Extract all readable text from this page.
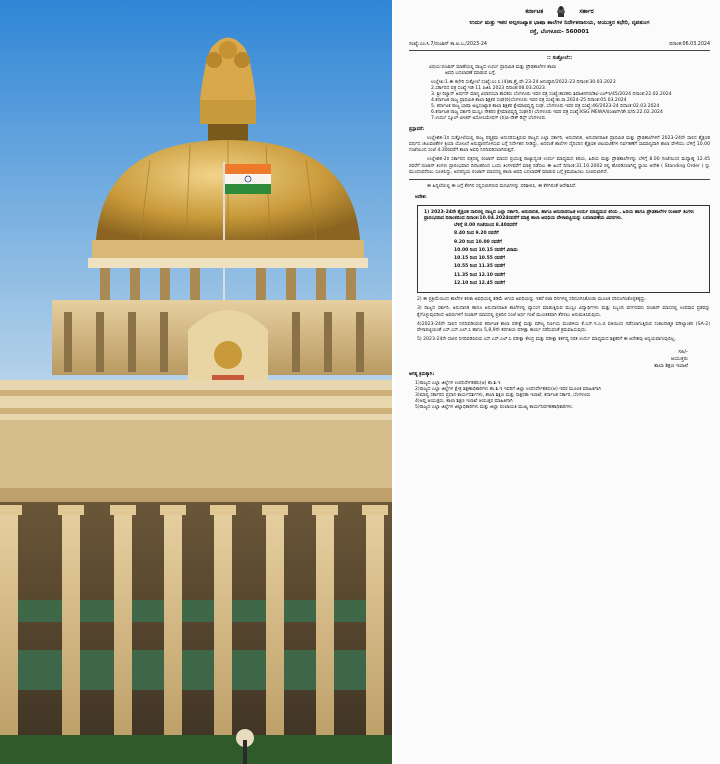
ಕರ್ನಾಟಕ	ಸರ್ಕಾರ
ಉರ್ದು ಮತ್ತು ಇತರ ಅಲ್ಪಸಂಖ್ಯಾತ ಭಾಷಾ ಶಾಲೆಗಳ ನಿರ್ದೇಶನಾಲಯ, ಆಯುಕ್ತರ ಕಛೇರಿ, ನೃಪತುಂಗ
ರಸ್ತೆ, ಬೆಂಗಳೂರು- 560001
ಸಂಖ್ಯೆ:ಎಂ.ಸಿ.7/ರಂಜಾನ್ ಕಾ.ಅ.ಬ./2023-24	ದಿನಾಂಕ:06.03.2024
:: ಸುತ್ತೋಲೆ::
ವಿಷಯ:ರಂಜಾನ್ ಮಾಹೆಯಲ್ಲಿ ರಾಜ್ಯದ ಉರ್ದು ಪ್ರಾಥಮಿಕ ಮತ್ತು ಪ್ರೌಢಶಾಲೆಗಳ ಶಾಲಾ
ಅವಧಿ ಬದಲಾವಣೆ ಮಾಡುವ ಬಗ್ಗೆ.
ಉಲ್ಲೇಖ:1.ಈ ಕಛೇರಿ ಸುತ್ತೋಲೆ ಸಂಖ್ಯೆ:ಎಂ.ಸಿ.(4)ಶಾ.ಶ್ರೈ.ವೇ.23-24 ಅನುಷ್ಠಾನ/2022-23 ದಿನಾಂಕ:30.03.2023
2.ಸರ್ಕಾರದ ಪತ್ರ ಸಂಖ್ಯೆ:ಇಡಿ 11 ಪಿಜಿಸಿ 2023 ದಿನಾಂಕ:08.03.2023.
3. ಶ್ರೀ ರಿಜ್ವಾನ್ ಅರ್ಷದ್ ಮಾನ್ಯ ವಿಧಾನಸಭಾ ಶಾಸಕರು ಬೆಂಗಳೂರು ಇವರ ಪತ್ರ ಸಂಖ್ಯೆ:ಶಾಸಕರು ಶಿವಾಜಿನಗರ/ಡಿಐ-ಎಲ್ಇ/45/2024 ದಿನಾಂಕ:22.02.2024
4.ಕರ್ನಾಟಕ ರಾಜ್ಯ ಪ್ರಾಥಮಿಕ ಶಾಲಾ ಶಿಕ್ಷಕರ ಸಂಘ(ರಿ)ಬೆಂಗಳೂರು ಇವರ ಪತ್ರ ಸಂಖ್ಯೆ:ಕಾ.ರಾ.2024-25 ದಿನಾಂಕ:05.03.2024
5. ಕರ್ನಾಟಕ ರಾಜ್ಯ ಭಾಷಾ ಅಲ್ಪಸಂಖ್ಯಾತ ಶಾಲಾ ಶಿಕ್ಷಕರ ಕ್ಷೇಮಾಭಿವೃದ್ಧಿ ಸಂಘ, ಬೆಂಗಳೂರು ಇವರ ಪತ್ರ ಸಂಖ್ಯೆ:46/2023-24 ದಿನಾಂಕ:02.03.2024
6.ಕರ್ನಾಟಕ ರಾಜ್ಯ ಸರ್ಕಾರಿ ಮುಸ್ಲಿಂ ನೌಕರರ ಕ್ಷೇಮಾಭಿವೃದ್ಧಿ ಸಂಘ(ರಿ) ಬೆಂಗಳೂರು ಇವರ ಪತ್ರ ಸಂಖ್ಯೆ:KSG MEWA/ರಂಜಾನ್/ಡೇ.ಪ/ದಿ:22.02.2024
7.ಉರ್ದು ಸ್ಕೂಲ್ ಟೀಚರ್ ಅಸೋಸಿಯೇಷನ್ (ರಿ)ಪಿ-ನೌಕ್ ಡಿಸ್ಟ್ ಬೆಂಗಳೂರು
ಪ್ರಸ್ತಾವನೆ:
ಉಲ್ಲೇಖಿತ-1ರ ಸುತ್ತೋಲೆಯಲ್ಲಿ ರಾಜ್ಯ ಪಠ್ಯಕ್ರಮ ಅನುಸರಿಸುತ್ತಿರುವ ರಾಜ್ಯದ ಎಲ್ಲಾ ಸರ್ಕಾರಿ, ಅನುದಾನಿತ, ಅನುದಾನರಹಿತ ಪ್ರಾಥಮಿಕ ಮತ್ತು ಪ್ರೌಢಶಾಲೆಗಳಿಗೆ 2023-24ನೇ ಸಾಲಿನ ಶೈಕ್ಷಣಿಕ ವರ್ಷದ ಚಟುವಟಿಕೆಗಳ ಕ್ರಿಯಾ ಯೋಜನೆ ಅನುಷ್ಠಾನಗೊಳಿಸುವ ಬಗ್ಗೆ ನಿರ್ದೇಶನ ನೀಡಿದ್ದು, ಅದರಂತೆ ಶಾಲೆಗಳ ದೈನಂದಿನ ಶೈಕ್ಷಣಿಕ ಚಟುವಟಿಕೆಗಳ ನಿರ್ವಹಣೆಗೆ ಸಾಮಾನ್ಯವಾಗಿ ಶಾಲಾ ವೇಳೆಯು ಬೆಳಿಗ್ಗೆ 10.00 ಗಂಟೆಯಿಂದ ಸಂಜೆ 4.30ರವರೆಗೆ ಶಾಲಾ ಅವಧಿ ನಿಗದಿಪಡಿಸಲಾಗಿರುತ್ತದೆ.
ಉಲ್ಲೇಖಿತ-2ರ ಸರ್ಕಾರದ ಪತ್ರದಲ್ಲಿ ರಂಜಾನ್ ಮಾಸದ ಪ್ರಯುಕ್ತ ರಾಜ್ಯಾದ್ಯಂತ ಉರ್ದು ಮಾಧ್ಯಮದ ಕಿರಿಯ, ಹಿರಿಯ ಮತ್ತು ಪ್ರೌಢಶಾಲೆಗಳನ್ನು ಬೆಳಿಗ್ಗೆ 8.00 ಗಂಟೆಯಿಂದ ಮಧ್ಯಾಹ್ನ 12.45 ರವರೆಗೆ ರಂಜಾನ್ ತಿಂಗಳು ಪ್ರಾರಂಭವಾದ ದಿನಾಂಕದಿಂದ ಒಂದು ತಿಂಗಳವರೆಗೆ ಮಾತ್ರ ನಡೆಸಲು ಈ ಹಿಂದೆ ದಿನಾಂಕ:31.10.2002 ರಲ್ಲಿ ಹೊರಡಿಸಲಾಗಿದ್ದ ಸ್ಥಾಯಿ ಆದೇಶ ( Standing Order ) ನ್ನು ಮುಂದುವರೆಸಲು ಸೂಚಿಸಿದ್ದು, ಅದರನ್ವಯ ರಂಜಾನ್ ಮಾಸದಲ್ಲಿ ಶಾಲಾ ಅವಧಿ ಬದಲಾವಣೆ ಮಾಡುವ ಬಗ್ಗೆ ಕ್ರಮವಹಿಸಲು ಸೂಚಿಸಲಾಗಿದೆ.
ಈ ಹಿನ್ನಲೆಯಲ್ಲಿ ಈ ಬಗ್ಗೆ ಕೆಳಗಿನ ಸಲ್ಲಿಸಲಾಗಿರುವ ಮನವಿಗಳನ್ನು ಪರಿಶೀಲಿಸಿ, ಈ ಕೆಳಗಿನಂತೆ ಆದೇಶಿಸಿದೆ.
ಆದೇಶ:
1) 2023-24ನೇ ಶೈಕ್ಷಣಿಕ ಸಾಲಿನಲ್ಲಿ ರಾಜ್ಯದ ಎಲ್ಲಾ ಸರ್ಕಾರಿ, ಅನುದಾನಿತ, ಹಾಗೂ ಅನುದಾನರಹಿತ ಉರ್ದು ಮಾಧ್ಯಮದ ಕಿರಿಯ , ಹಿರಿಯ ಹಾಗೂ ಪ್ರೌಢಶಾಲೆಗಳ ರಂಜಾನ್ ತಿಂಗಳು ಪ್ರಾರಂಭವಾದ ದಿನಾಂಕದಿಂದ ದಿನಾಂಕ:10.04.2024ರವರೆಗೆ ಮಾತ್ರ ಶಾಲಾ ಅವಧಿಯ ವೇಳಾಪಟ್ಟಿಯನ್ನು ಬದಲಾವಣೆಯ ವಿವರಗಳು.
ಬೆಳಿಗ್ಗೆ 8.00 ಗಂಟೆಯಿಂದ 8.40ರವರೆಗೆ
8.40 ರಿಂದ 9.20 ರವರೆಗೆ
9.20 ರಿಂದ 10.00 ರವರೆಗೆ
10.00 ರಿಂದ 10.15 ರವರೆಗೆ ವಿರಾಮ
10.15 ರಿಂದ 10.55 ರವರೆಗೆ
10.55 ರಿಂದ 11.35 ರವರೆಗೆ
11.35 ರಿಂದ 12.10 ರವರೆಗೆ
12.10 ರಿಂದ 12.45 ರವರೆಗೆ
2) ಈ ಪ್ರಕ್ರಿಯೆಯಿಂದ ಶಾಲೆಗಳ ಕಲಿಕಾ ಅವಧಿಯಲ್ಲಿ ಕಡಿಮೆ ಆಗುವ ಅವಧಿಯನ್ನು ಇತರೆ ರಜಾ ದಿನಗಳಲ್ಲಿ ಸರಿದೂಗಿಸಿಕೊಂಡು ಮೂಲಕ ಸರಿದೂಗಿಸಿಕೊಳ್ಳತಕ್ಕದ್ದು.
3) ರಾಜ್ಯದ ಸರ್ಕಾರಿ, ಅನುದಾನಿತ ಹಾಗೂ ಅನುದಾನರಹಿತ ಶಾಲೆಗಳಲ್ಲಿ ವ್ಯಾಸಂಗ ಮಾಡುತ್ತಿರುವ ಮುಸ್ಲಿಂ ವಿದ್ಯಾರ್ಥಿಗಳು ಮತ್ತು ಸಿಬ್ಬಂದಿ ವರ್ಗದವರು ರಂಜಾನ್ ಮಾಸದಲ್ಲಿ ಉಪವಾಸ ವ್ರತವನ್ನು ಕೈಗೊಳ್ಳುವುದರಿಂದ ಅವರುಗಳಿಗೆ ರಂಜಾನ್ ಮಾಸದಲ್ಲಿ ಪ್ರತಿದಿನ ಸಂಜೆ ಅರ್ಧ ಗಂಟೆ ಮುಂಚಿತವಾಗಿ ತೆರಳಲು ಅನುಮತಿಸಿರುವುದು.
4)2023-24ನೇ ಸಾಲಿನ ನಿಗದಿಪಡಿಸಿರುವ ಕರ್ನಾಟಕ ಶಾಲಾ ಪರೀಕ್ಷೆ ಮತ್ತು ಮೌಲ್ಯ ನಿರ್ಣಯ ಮಂಡಳಿಯ ಕೆ.ಎಸ್.ಇ.ಎ.ಬಿ ವತಿಯಿಂದ ನಡೆಸಲಾಗುತ್ತಿರುವ ಸಂಕಲನಾತ್ಮಕ ಮೌಲ್ಯಾಂಕನ (SA-2) ವೇಳಾಪಟ್ಟಿಯಂತೆ ಎಸ್.ಎಸ್.ಎಲ್.ಸಿ ಹಾಗೂ 5,8,9ನೇ ತರಗತಿಯ ಪರೀಕ್ಷಾ ಕಾರ್ಯ ನಡೆಸುವಂತೆ ಕ್ರಮವಹಿಸುವುದು.
5) 2023-24ನೇ ಸಾಲಿನ ನಿಗದಿಪಡಿಸಿರುವ ಎಸ್.ಎಸ್.ಎಲ್.ಸಿ ಪರೀಕ್ಷಾ ಕೇಂದ್ರ ಮತ್ತು ಪರೀಕ್ಷಾ ಕರ್ತವ್ಯ ನಿರತ ಉರ್ದು ಮಾಧ್ಯಮದ ಶಿಕ್ಷಕರಿಗೆ ಈ ಆದೇಶವು ಅನ್ವಯವಾಗುವುದಿಲ್ಲ.
ಸಹಿ/-
ಆಯುಕ್ತರು
ಶಾಲಾ ಶಿಕ್ಷಣ ಇಲಾಖೆ
ಅಗತ್ಯ ಕ್ರಮಕ್ಕಾಗಿ:
1)ರಾಜ್ಯದ ಎಲ್ಲಾ ಜಿಲ್ಲೆಗಳ ಉಪನಿರ್ದೇಶಕರು(ಆ) ಶಾ.ಶಿ.ಇ
2)ರಾಜ್ಯದ ಎಲ್ಲಾ ಜಿಲ್ಲೆಗಳ ಕ್ಷೇತ್ರ ಶಿಕ್ಷಣಾಧಿಕಾರಿಗಳು ಶಾ.ಶಿ.ಇ ಇವರಿಗೆ ಜಿಲ್ಲಾ ಉಪನಿರ್ದೇಶಕರು(ಆ) ಇವರ ಮೂಲಕ ಮಾಹಿತಿಗಾಗಿ
3)ಮಾನ್ಯ ಸರ್ಕಾರದ ಪ್ರಧಾನ ಕಾರ್ಯದರ್ಶಿಗಳು, ಶಾಲಾ ಶಿಕ್ಷಣ ಮತ್ತು ಸಾಕ್ಷರತಾ ಇಲಾಖೆ, ಕರ್ನಾಟಕ ಸರ್ಕಾರ, ಬೆಂಗಳೂರು
4)ಆಪ್ತ ಆಯುಕ್ತರು, ಶಾಲಾ ಶಿಕ್ಷಣ ಇಲಾಖೆ ಆಯುಕ್ತರ ಮಾಹಿತಿಗಾಗಿ
5)ರಾಜ್ಯದ ಎಲ್ಲಾ ಜಿಲ್ಲೆಗಳ ಜಿಲ್ಲಾಧಿಕಾರಿಗಳು ಮತ್ತು ಜಿಲ್ಲಾ ಪಂಚಾಯತಿ ಮುಖ್ಯ ಕಾರ್ಯನಿರ್ವಹಣಾಧಿಕಾರಿಗಳು.
